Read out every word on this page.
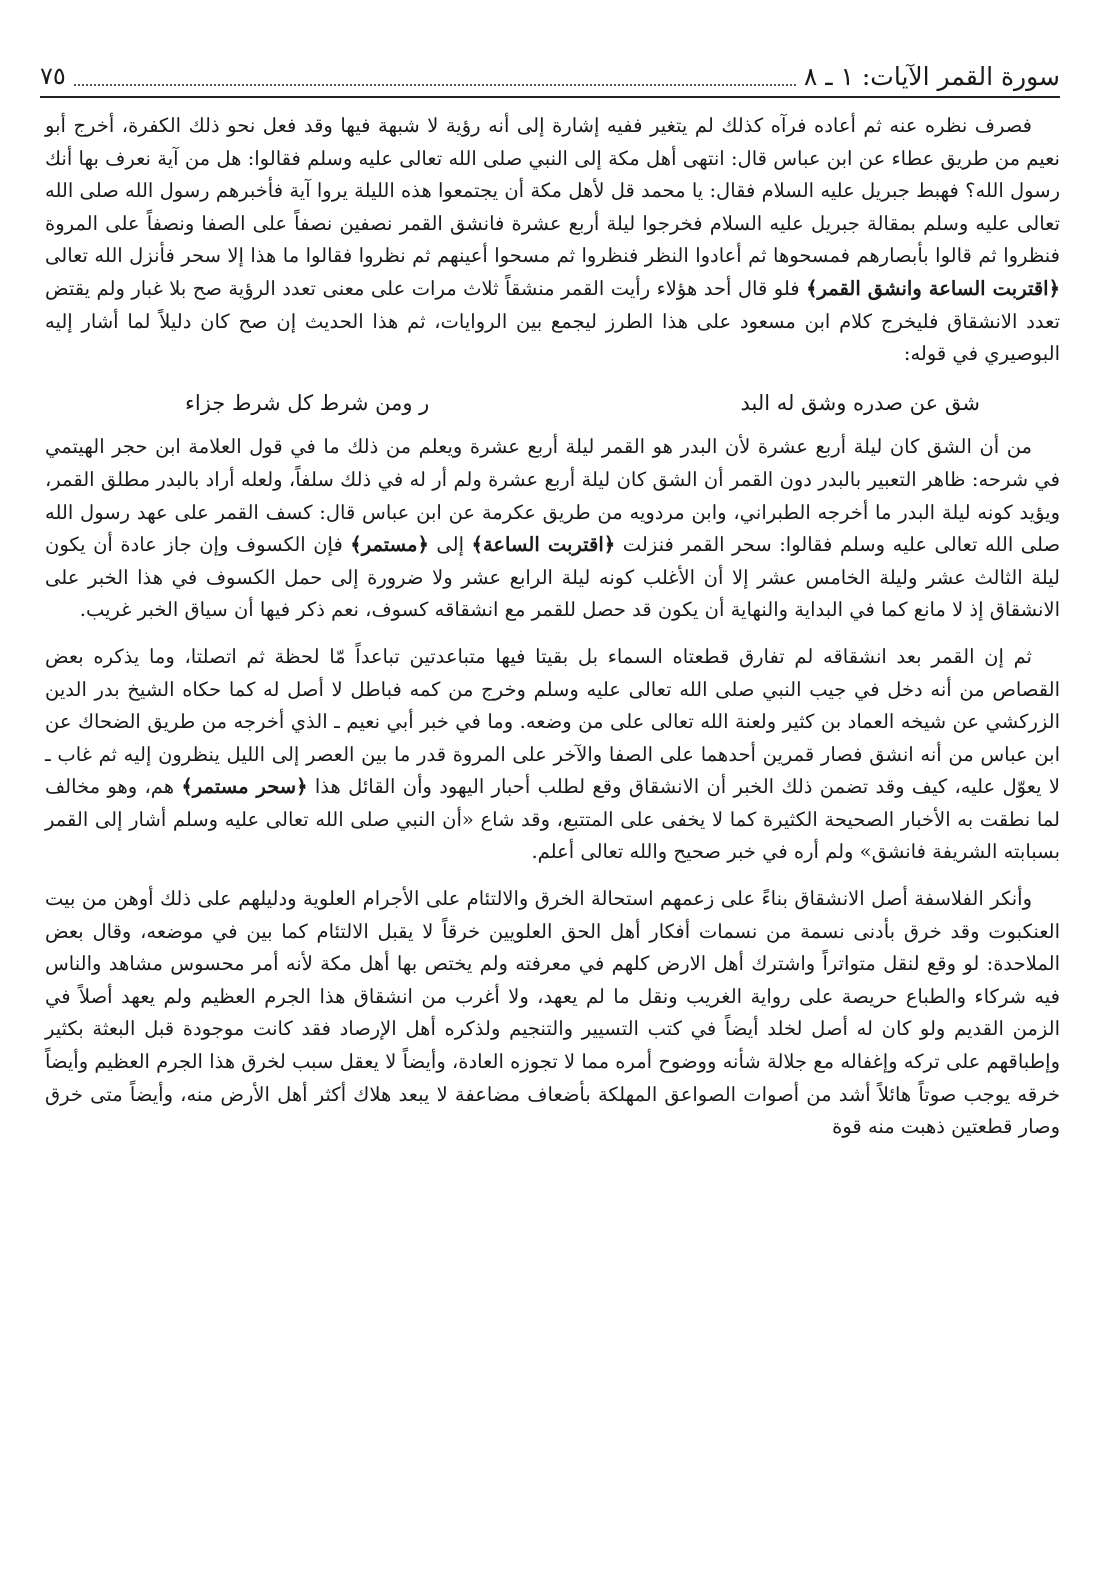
سورة القمر الآيات: ١ ـ ٨
٧٥

فصرف نظره عنه ثم أعاده فرآه كذلك لم يتغير ففيه إشارة إلى أنه رؤية لا شبهة فيها وقد فعل نحو ذلك الكفرة، أخرج أبو نعيم من طريق عطاء عن ابن عباس قال: انتهى أهل مكة إلى النبي صلى الله تعالى عليه وسلم فقالوا: هل من آية نعرف بها أنك رسول الله؟ فهبط جبريل عليه السلام فقال: يا محمد قل لأهل مكة أن يجتمعوا هذه الليلة يروا آية فأخبرهم رسول الله صلى الله تعالى عليه وسلم بمقالة جبريل عليه السلام فخرجوا ليلة أربع عشرة فانشق القمر نصفين نصفاً على الصفا ونصفاً على المروة فنظروا ثم قالوا بأبصارهم فمسحوها ثم أعادوا النظر فنظروا ثم مسحوا أعينهم ثم نظروا فقالوا ما هذا إلا سحر فأنزل الله تعالى ﴿اقتربت الساعة وانشق القمر﴾ فلو قال أحد هؤلاء رأيت القمر منشقاً ثلاث مرات على معنى تعدد الرؤية صح بلا غبار ولم يقتض تعدد الانشقاق فليخرج كلام ابن مسعود على هذا الطرز ليجمع بين الروايات، ثم هذا الحديث إن صح كان دليلاً لما أشار إليه البوصيري في قوله:

شق عن صدره وشق له البد
ر ومن شرط كل شرط جزاء

من أن الشق كان ليلة أربع عشرة لأن البدر هو القمر ليلة أربع عشرة ويعلم من ذلك ما في قول العلامة ابن حجر الهيتمي في شرحه: ظاهر التعبير بالبدر دون القمر أن الشق كان ليلة أربع عشرة ولم أر له في ذلك سلفاً، ولعله أراد بالبدر مطلق القمر، ويؤيد كونه ليلة البدر ما أخرجه الطبراني، وابن مردويه من طريق عكرمة عن ابن عباس قال: كسف القمر على عهد رسول الله صلى الله تعالى عليه وسلم فقالوا: سحر القمر فنزلت ﴿اقتربت الساعة﴾ إلى ﴿مستمر﴾ فإن الكسوف وإن جاز عادة أن يكون ليلة الثالث عشر وليلة الخامس عشر إلا أن الأغلب كونه ليلة الرابع عشر ولا ضرورة إلى حمل الكسوف في هذا الخبر على الانشقاق إذ لا مانع كما في البداية والنهاية أن يكون قد حصل للقمر مع انشقاقه كسوف، نعم ذكر فيها أن سياق الخبر غريب.

ثم إن القمر بعد انشقاقه لم تفارق قطعتاه السماء بل بقيتا فيها متباعدتين تباعداً مّا لحظة ثم اتصلتا، وما يذكره بعض القصاص من أنه دخل في جيب النبي صلى الله تعالى عليه وسلم وخرج من كمه فباطل لا أصل له كما حكاه الشيخ بدر الدين الزركشي عن شيخه العماد بن كثير ولعنة الله تعالى على من وضعه. وما في خبر أبي نعيم ـ الذي أخرجه من طريق الضحاك عن ابن عباس من أنه انشق فصار قمرين أحدهما على الصفا والآخر على المروة قدر ما بين العصر إلى الليل ينظرون إليه ثم غاب ـ لا يعوّل عليه، كيف وقد تضمن ذلك الخبر أن الانشقاق وقع لطلب أحبار اليهود وأن القائل هذا ﴿سحر مستمر﴾ هم، وهو مخالف لما نطقت به الأخبار الصحيحة الكثيرة كما لا يخفى على المتتبع، وقد شاع «أن النبي صلى الله تعالى عليه وسلم أشار إلى القمر بسبابته الشريفة فانشق» ولم أره في خبر صحيح والله تعالى أعلم.

وأنكر الفلاسفة أصل الانشقاق بناءً على زعمهم استحالة الخرق والالتئام على الأجرام العلوية ودليلهم على ذلك أوهن من بيت العنكبوت وقد خرق بأدنى نسمة من نسمات أفكار أهل الحق العلويين خرقاً لا يقبل الالتئام كما بين في موضعه، وقال بعض الملاحدة: لو وقع لنقل متواتراً واشترك أهل الارض كلهم في معرفته ولم يختص بها أهل مكة لأنه أمر محسوس مشاهد والناس فيه شركاء والطباع حريصة على رواية الغريب ونقل ما لم يعهد، ولا أغرب من انشقاق هذا الجرم العظيم ولم يعهد أصلاً في الزمن القديم ولو كان له أصل لخلد أيضاً في كتب التسيير والتنجيم ولذكره أهل الإرصاد فقد كانت موجودة قبل البعثة بكثير وإطباقهم على تركه وإغفاله مع جلالة شأنه ووضوح أمره مما لا تجوزه العادة، وأيضاً لا يعقل سبب لخرق هذا الجرم العظيم وأيضاً خرقه يوجب صوتاً هائلاً أشد من أصوات الصواعق المهلكة بأضعاف مضاعفة لا يبعد هلاك أكثر أهل الأرض منه، وأيضاً متى خرق وصار قطعتين ذهبت منه قوة
